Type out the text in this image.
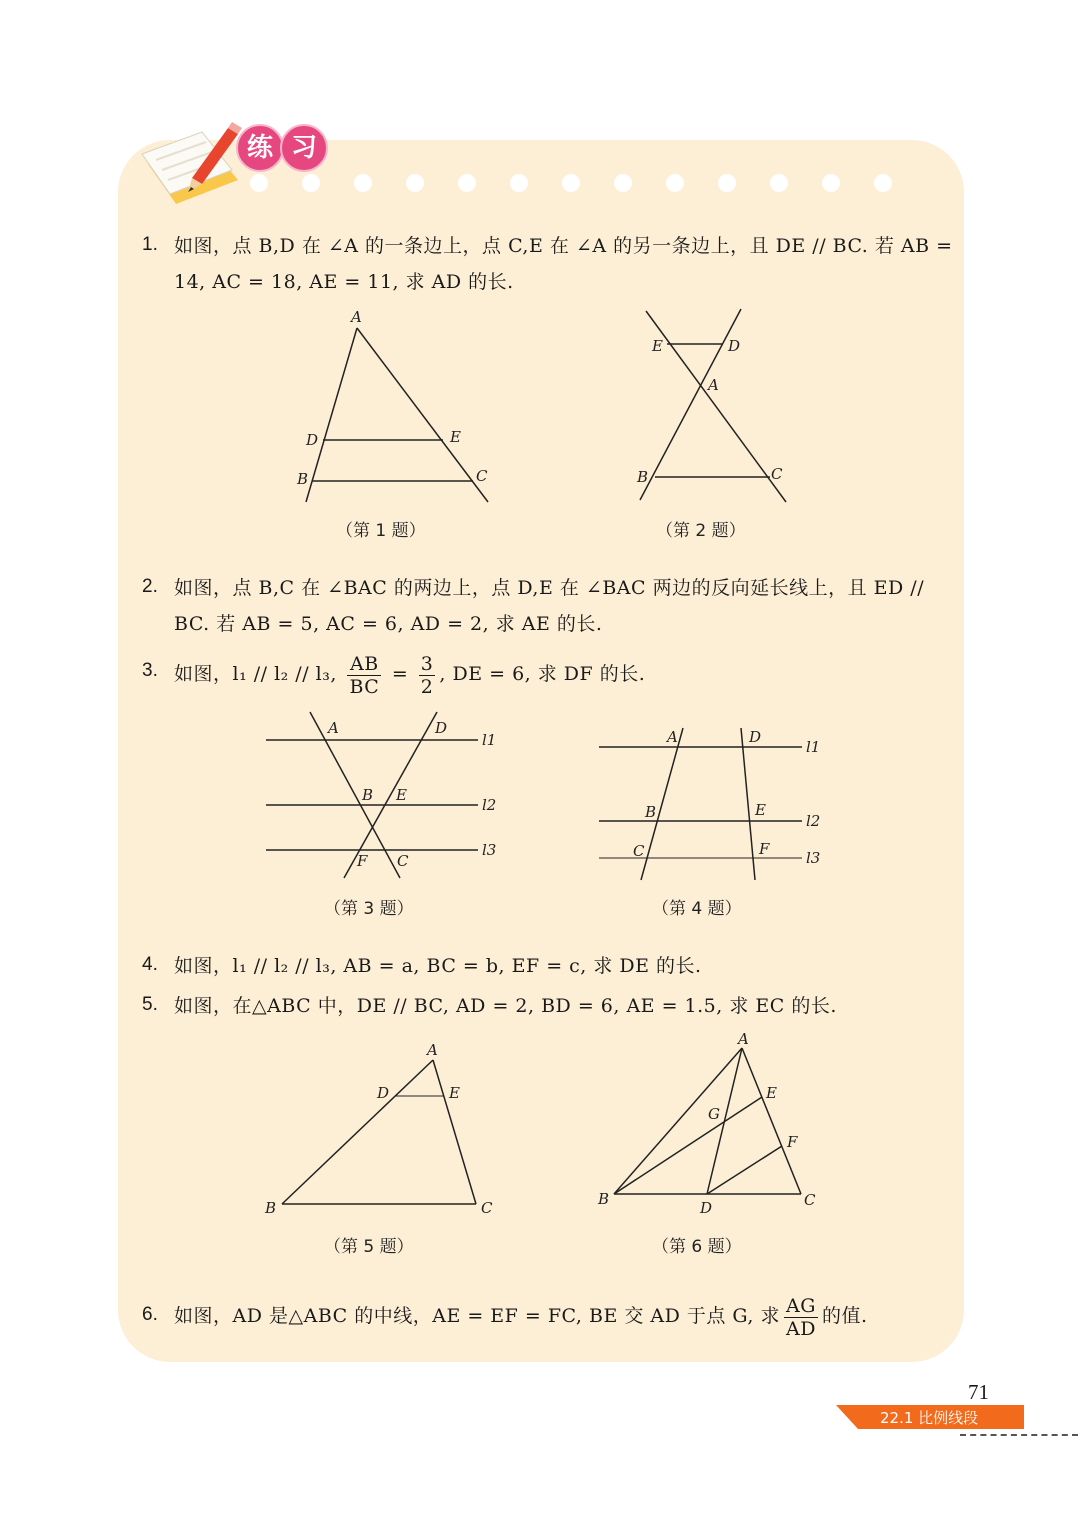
练 习
1. 如图，点 B,D 在 ∠A 的一条边上，点 C,E 在 ∠A 的另一条边上，且 DE // BC. 若 AB =
14, AC = 18, AE = 11, 求 AD 的长.
A
D	E
B	C
（第 1 题）
E	D
A
B	C
（第 2 题）
2. 如图，点 B,C 在 ∠BAC 的两边上，点 D,E 在 ∠BAC 两边的反向延长线上，且 ED //
BC. 若 AB = 5, AC = 6, AD = 2, 求 AE 的长.
3. 如图，l₁ // l₂ // l₃, $\frac{AB}{BC} = \frac{3}{2}$ , DE = 6, 求 DF 的长.
A	D
B E
F C
l1
l2
l3
（第 3 题）
A	D
B	E
C	F
l1
l2
l3
（第 4 题）
4. 如图，l₁ // l₂ // l₃, AB = a, BC = b, EF = c, 求 DE 的长.
5. 如图，在△ABC 中，DE // BC, AD = 2, BD = 6, AE = 1.5, 求 EC 的长.
A
D	E
B	C
（第 5 题）
A
E
G
F
B	D	C
（第 6 题）
6. 如图，AD 是△ABC 的中线，AE = EF = FC, BE 交 AD 于点 G, 求 $\frac{AG}{AD}$ 的值.
71
22.1 比例线段
